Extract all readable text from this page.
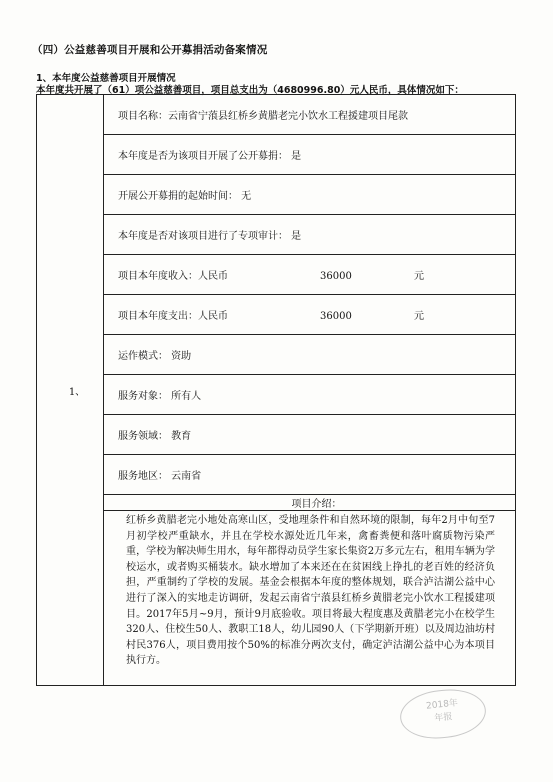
（四）公益慈善项目开展和公开募捐活动备案情况
1、本年度公益慈善项目开展情况
本年度共开展了（61）项公益慈善项目，项目总支出为（4680996.80）元人民币，具体情况如下：
1、	项目名称：云南省宁蒗县红桥乡黄腊老完小饮水工程援建项目尾款
本年度是否为该项目开展了公开募捐： 是
开展公开募捐的起始时间： 无
本年度是否对该项目进行了专项审计： 是
项目本年度收入：人民币	36000	元
项目本年度支出：人民币	36000	元
运作模式： 资助
服务对象： 所有人
服务领域： 教育
服务地区： 云南省
项目介绍：
红桥乡黄腊老完小地处高寒山区，受地理条件和自然环境的限制，每年2月中旬至7月初学校严重缺水，并且在学校水源处近几年来，禽畜粪便和落叶腐质物污染严重，学校为解决师生用水，每年都得动员学生家长集资2万多元左右，租用车辆为学校运水，或者购买桶装水。缺水增加了本来还在在贫困线上挣扎的老百姓的经济负担，严重制约了学校的发展。基金会根据本年度的整体规划，联合泸沽湖公益中心进行了深入的实地走访调研，发起云南省宁蒗县红桥乡黄腊老完小饮水工程援建项目。2017年5月~9月，预计9月底验收。项目将最大程度惠及黄腊老完小在校学生320人、住校生50人、教职工18人，幼儿园90人（下学期新开班）以及周边油坊村村民376人，项目费用按个50%的标准分两次支付，确定泸沽湖公益中心为本项目执行方。
2018年
年报
